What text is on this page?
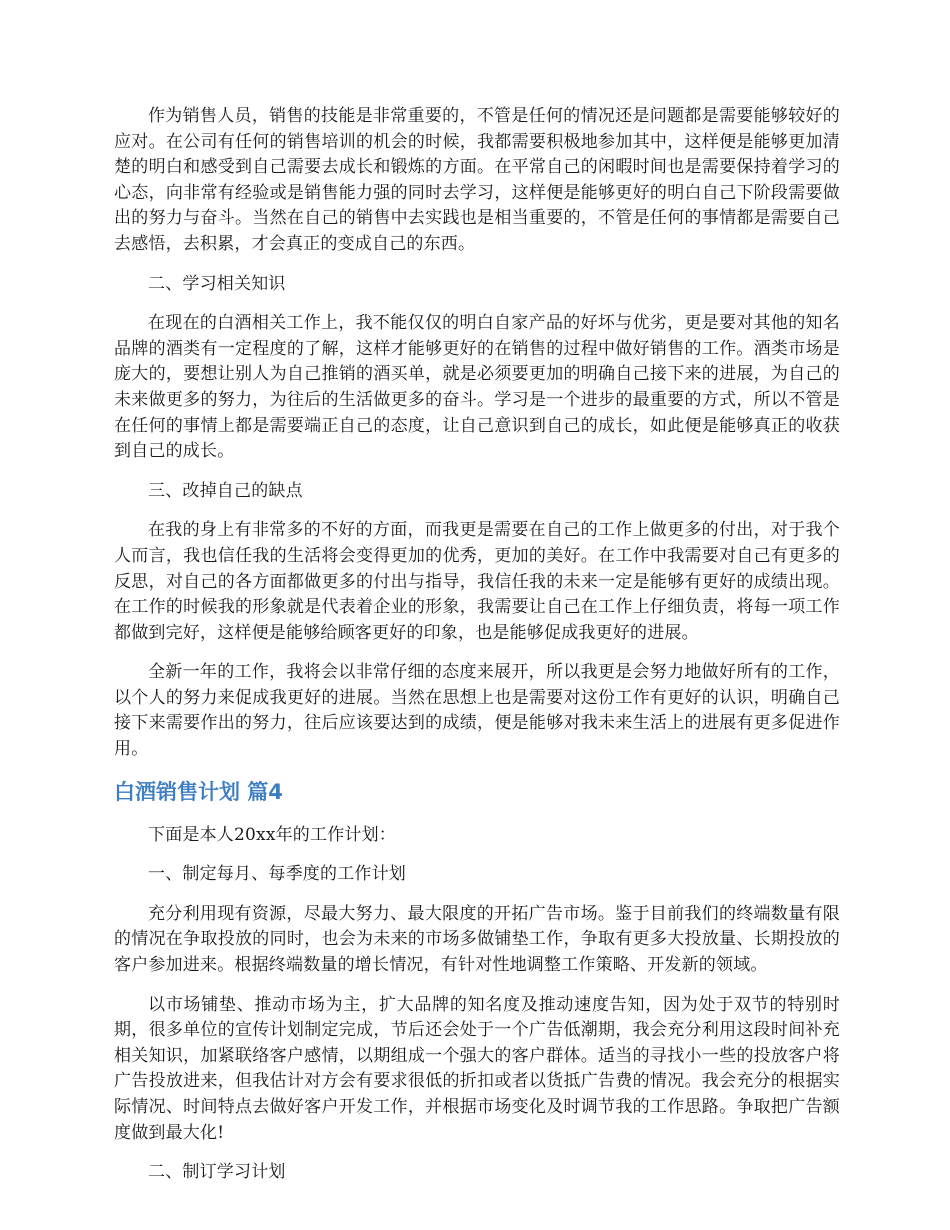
作为销售人员，销售的技能是非常重要的，不管是任何的情况还是问题都是需要能够较好的应对。在公司有任何的销售培训的机会的时候，我都需要积极地参加其中，这样便是能够更加清楚的明白和感受到自己需要去成长和锻炼的方面。在平常自己的闲暇时间也是需要保持着学习的心态，向非常有经验或是销售能力强的同时去学习，这样便是能够更好的明白自己下阶段需要做出的努力与奋斗。当然在自己的销售中去实践也是相当重要的，不管是任何的事情都是需要自己去感悟，去积累，才会真正的变成自己的东西。

二、学习相关知识

在现在的白酒相关工作上，我不能仅仅的明白自家产品的好坏与优劣，更是要对其他的知名品牌的酒类有一定程度的了解，这样才能够更好的在销售的过程中做好销售的工作。酒类市场是庞大的，要想让别人为自己推销的酒买单，就是必须要更加的明确自己接下来的进展，为自己的未来做更多的努力，为往后的生活做更多的奋斗。学习是一个进步的最重要的方式，所以不管是在任何的事情上都是需要端正自己的态度，让自己意识到自己的成长，如此便是能够真正的收获到自己的成长。

三、改掉自己的缺点

在我的身上有非常多的不好的方面，而我更是需要在自己的工作上做更多的付出，对于我个人而言，我也信任我的生活将会变得更加的优秀，更加的美好。在工作中我需要对自己有更多的反思，对自己的各方面都做更多的付出与指导，我信任我的未来一定是能够有更好的成绩出现。在工作的时候我的形象就是代表着企业的形象，我需要让自己在工作上仔细负责，将每一项工作都做到完好，这样便是能够给顾客更好的印象，也是能够促成我更好的进展。

全新一年的工作，我将会以非常仔细的态度来展开，所以我更是会努力地做好所有的工作，以个人的努力来促成我更好的进展。当然在思想上也是需要对这份工作有更好的认识，明确自己接下来需要作出的努力，往后应该要达到的成绩，便是能够对我未来生活上的进展有更多促进作用。

白酒销售计划 篇4

下面是本人20xx年的工作计划：

一、制定每月、每季度的工作计划

充分利用现有资源，尽最大努力、最大限度的开拓广告市场。鉴于目前我们的终端数量有限的情况在争取投放的同时，也会为未来的市场多做铺垫工作，争取有更多大投放量、长期投放的客户参加进来。根据终端数量的增长情况，有针对性地调整工作策略、开发新的领域。

以市场铺垫、推动市场为主，扩大品牌的知名度及推动速度告知，因为处于双节的特别时期，很多单位的宣传计划制定完成，节后还会处于一个广告低潮期，我会充分利用这段时间补充相关知识，加紧联络客户感情，以期组成一个强大的客户群体。适当的寻找小一些的投放客户将广告投放进来，但我估计对方会有要求很低的折扣或者以货抵广告费的情况。我会充分的根据实际情况、时间特点去做好客户开发工作，并根据市场变化及时调节我的工作思路。争取把广告额度做到最大化!

二、制订学习计划
